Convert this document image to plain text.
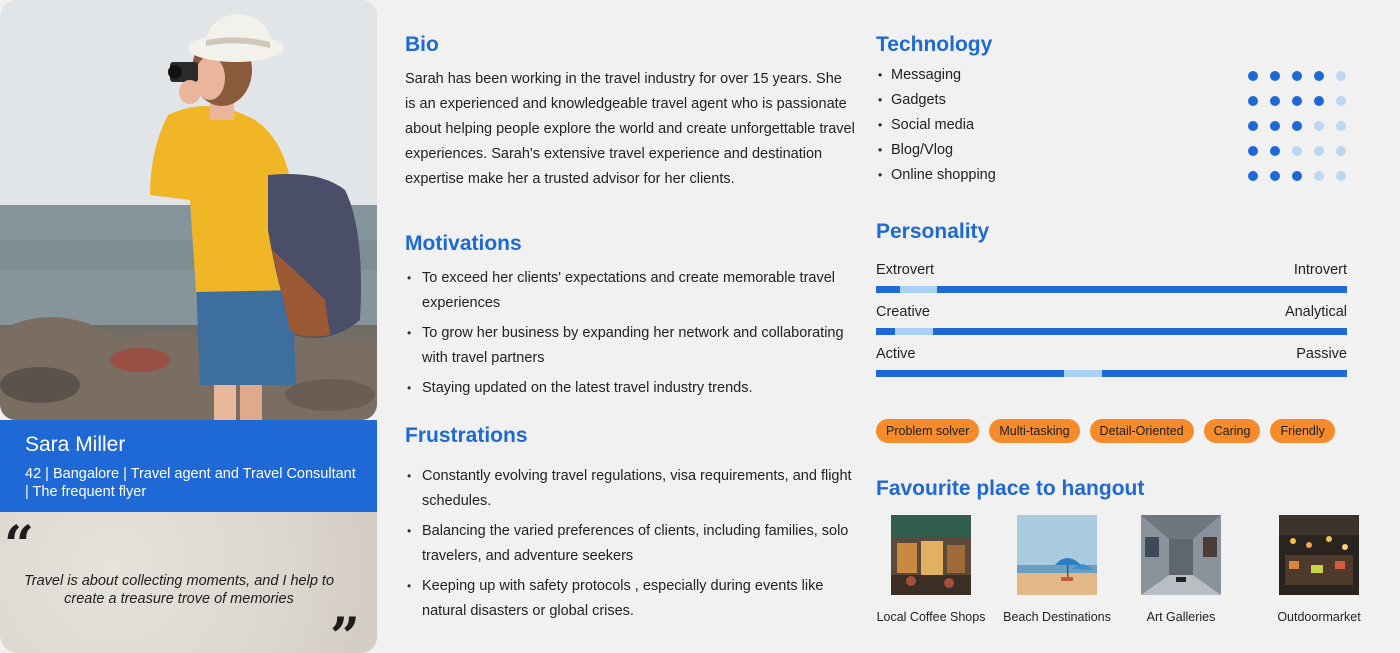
Sara Miller
42 | Bangalore | Travel agent and Travel Consultant | The frequent flyer
“
Travel is about collecting moments, and I help to create a treasure trove of memories
”
Bio

Sarah has been working in the travel industry for over 15 years. She is an experienced and knowledgeable travel agent who is passionate about helping people explore the world and create unforgettable travel experiences. Sarah's extensive travel experience and destination expertise make her a trusted advisor for her clients.

Motivations
• To exceed her clients' expectations and create memorable travel experiences
• To grow her business by expanding her network and collaborating with travel partners
• Staying updated on the latest travel industry trends.
Frustrations
• Constantly evolving travel regulations, visa requirements, and flight schedules.
• Balancing the varied preferences of clients, including families, solo travelers, and adventure seekers
• Keeping up with safety protocols , especially during events like natural disasters or global crises.
Technology
• Messaging
• Gadgets
• Social media
• Blog/Vlog
• Online shopping
Personality
Extrovert	Introvert
Creative	Analytical
Active	Passive
Problem solver	Multi-tasking	Detail-Oriented	Caring	Friendly
Favourite place to hangout
Local Coffee Shops	Beach Destinations	Art Galleries	Outdoormarket
